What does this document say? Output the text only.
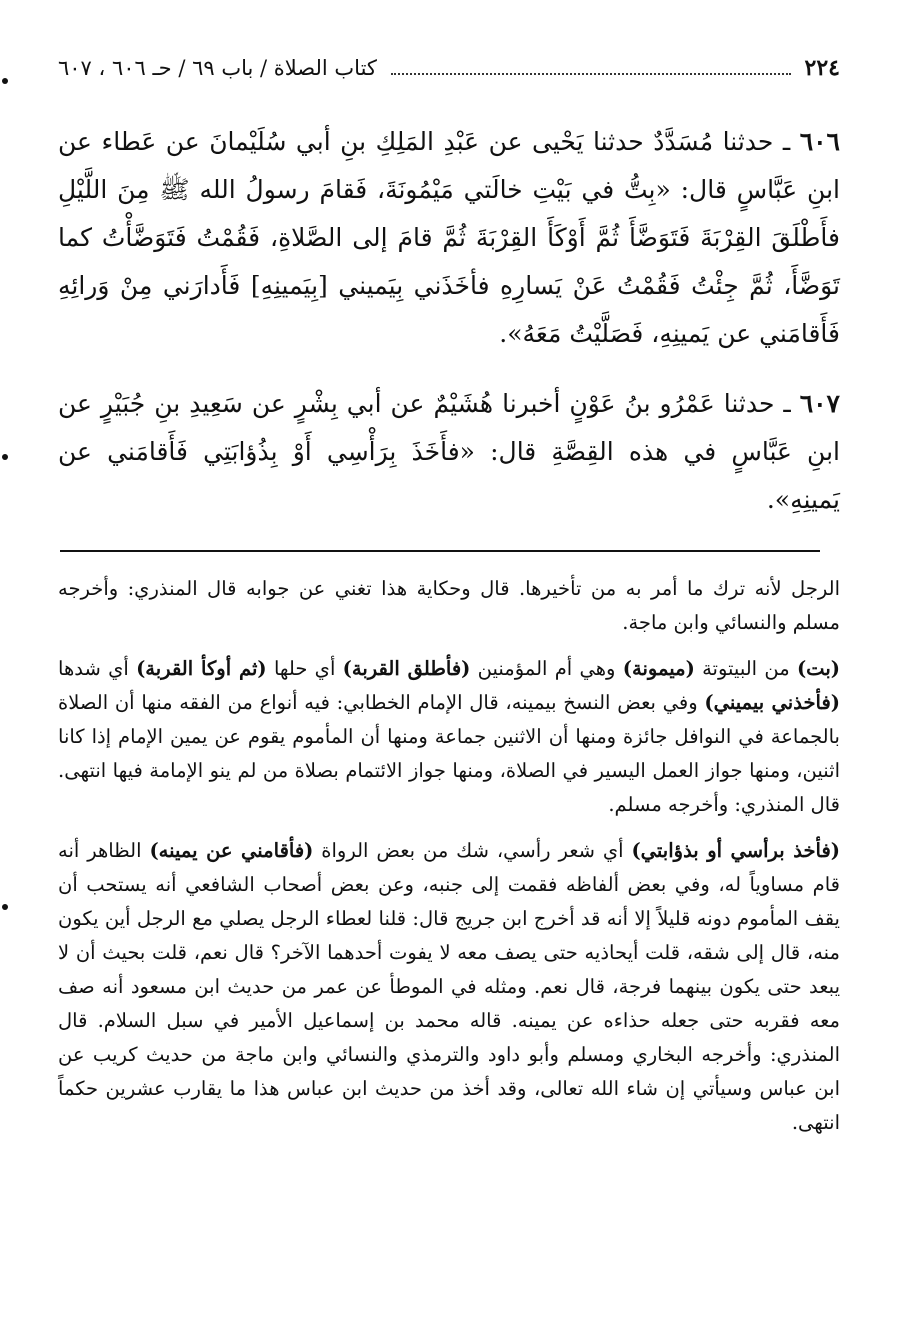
٢٢٤
كتاب الصلاة / باب ٦٩ / حـ ٦٠٦ ، ٦٠٧

٦٠٦ ـ حدثنا مُسَدَّدٌ حدثنا يَحْيى عن عَبْدِ المَلِكِ بنِ أبي سُلَيْمانَ عن عَطاء عن ابنِ عَبَّاسٍ قال: «بِتُّ في بَيْتِ خالَتي مَيْمُونَةَ، فَقامَ رسولُ الله ﷺ مِنَ اللَّيْلِ فأَطْلَقَ القِرْبَةَ فَتَوَضَّأَ ثُمَّ أَوْكَأَ القِرْبَةَ ثُمَّ قامَ إلى الصَّلاةِ، فَقُمْتُ فَتَوَضَّأْتُ كما تَوَضَّأَ، ثُمَّ جِئْتُ فَقُمْتُ عَنْ يَسارِهِ فأخَذَني بِيَميني [بِيَمينِهِ] فَأَدارَني مِنْ وَرائِهِ فَأَقامَني عن يَمينِهِ، فَصَلَّيْتُ مَعَهُ».

٦٠٧ ـ حدثنا عَمْرُو بنُ عَوْنٍ أخبرنا هُشَيْمٌ عن أبي بِشْرٍ عن سَعِيدِ بنِ جُبَيْرٍ عن ابنِ عَبَّاسٍ في هذه القِصَّةِ قال: «فأَخَذَ بِرَأْسِي أَوْ بِذُؤابَتِي فَأَقامَني عن يَمينِهِ».

الرجل لأنه ترك ما أمر به من تأخيرها. قال وحكاية هذا تغني عن جوابه قال المنذري: وأخرجه مسلم والنسائي وابن ماجة.

(بت) من البيتوتة (ميمونة) وهي أم المؤمنين (فأطلق القربة) أي حلها (ثم أوكأ القربة) أي شدها (فأخذني بيميني) وفي بعض النسخ بيمينه، قال الإمام الخطابي: فيه أنواع من الفقه منها أن الصلاة بالجماعة في النوافل جائزة ومنها أن الاثنين جماعة ومنها أن المأموم يقوم عن يمين الإمام إذا كانا اثنين، ومنها جواز العمل اليسير في الصلاة، ومنها جواز الائتمام بصلاة من لم ينو الإمامة فيها انتهى. قال المنذري: وأخرجه مسلم.

(فأخذ برأسي أو بذؤابتي) أي شعر رأسي، شك من بعض الرواة (فأقامني عن يمينه) الظاهر أنه قام مساوياً له، وفي بعض ألفاظه فقمت إلى جنبه، وعن بعض أصحاب الشافعي أنه يستحب أن يقف المأموم دونه قليلاً إلا أنه قد أخرج ابن جريج قال: قلنا لعطاء الرجل يصلي مع الرجل أين يكون منه، قال إلى شقه، قلت أيحاذيه حتى يصف معه لا يفوت أحدهما الآخر؟ قال نعم، قلت بحيث أن لا يبعد حتى يكون بينهما فرجة، قال نعم. ومثله في الموطأ عن عمر من حديث ابن مسعود أنه صف معه فقربه حتى جعله حذاءه عن يمينه. قاله محمد بن إسماعيل الأمير في سبل السلام. قال المنذري: وأخرجه البخاري ومسلم وأبو داود والترمذي والنسائي وابن ماجة من حديث كريب عن ابن عباس وسيأتي إن شاء الله تعالى، وقد أخذ من حديث ابن عباس هذا ما يقارب عشرين حكماً انتهى.
